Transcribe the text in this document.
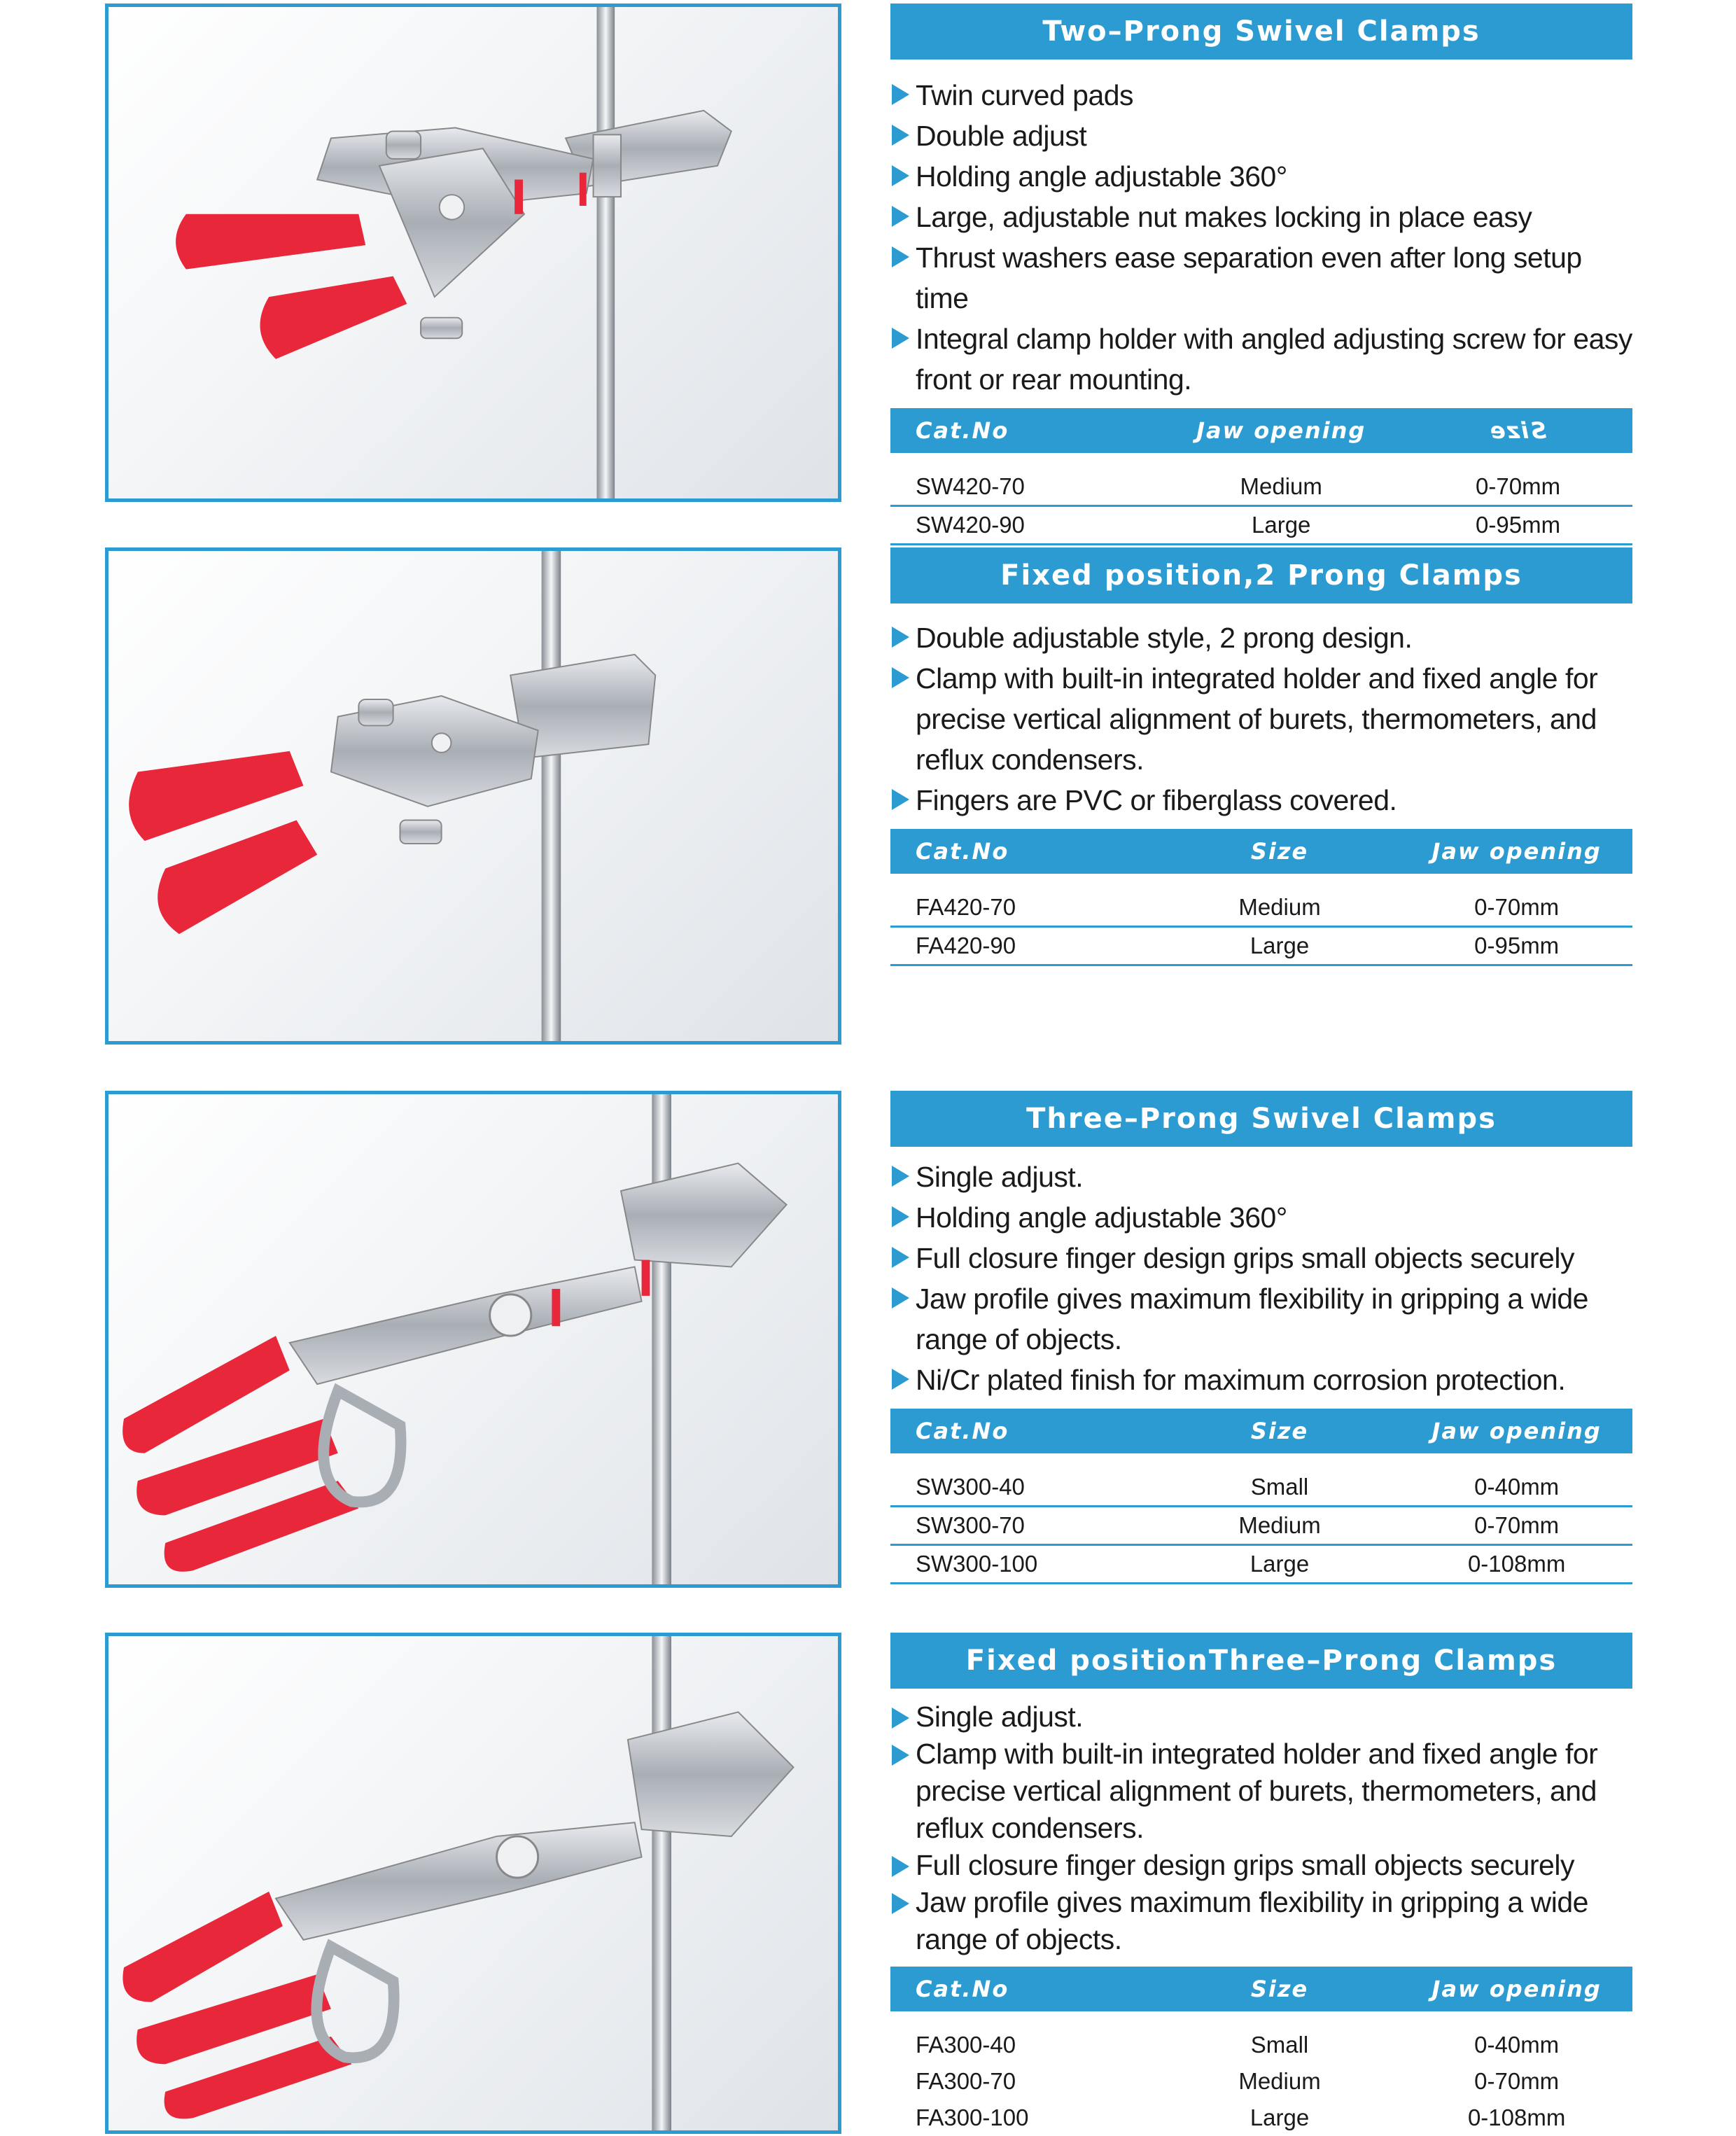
Two–Prong Swivel Clamps
Twin curved pads
Double adjust
Holding angle adjustable 360°
Large, adjustable nut makes locking in place easy
Thrust washers ease separation even after long setup time
Integral clamp holder with angled adjusting screw for easy front or rear mounting.
Cat.No	Jaw opening	Size
SW420-70	Medium	0-70mm
SW420-90	Large	0-95mm
Fixed position,2 Prong Clamps
Double adjustable style, 2 prong design.
Clamp with built-in integrated holder and fixed angle for precise vertical alignment of burets, thermometers, and reflux condensers.
Fingers are PVC or fiberglass covered.
Cat.No	Size	Jaw opening
FA420-70	Medium	0-70mm
FA420-90	Large	0-95mm
Three–Prong Swivel Clamps
Single adjust.
Holding angle adjustable 360°
Full closure finger design grips small objects securely
Jaw profile gives maximum flexibility in gripping a wide range of objects.
Ni/Cr plated finish for maximum corrosion protection.
Cat.No	Size	Jaw opening
SW300-40	Small	0-40mm
SW300-70	Medium	0-70mm
SW300-100	Large	0-108mm
Fixed positionThree–Prong Clamps
Single adjust.
Clamp with built-in integrated holder and fixed angle for precise vertical alignment of burets, thermometers, and reflux condensers.
Full closure finger design grips small objects securely
Jaw profile gives maximum flexibility in gripping a wide range of objects.
Cat.No	Size	Jaw opening
FA300-40	Small	0-40mm
FA300-70	Medium	0-70mm
FA300-100	Large	0-108mm
